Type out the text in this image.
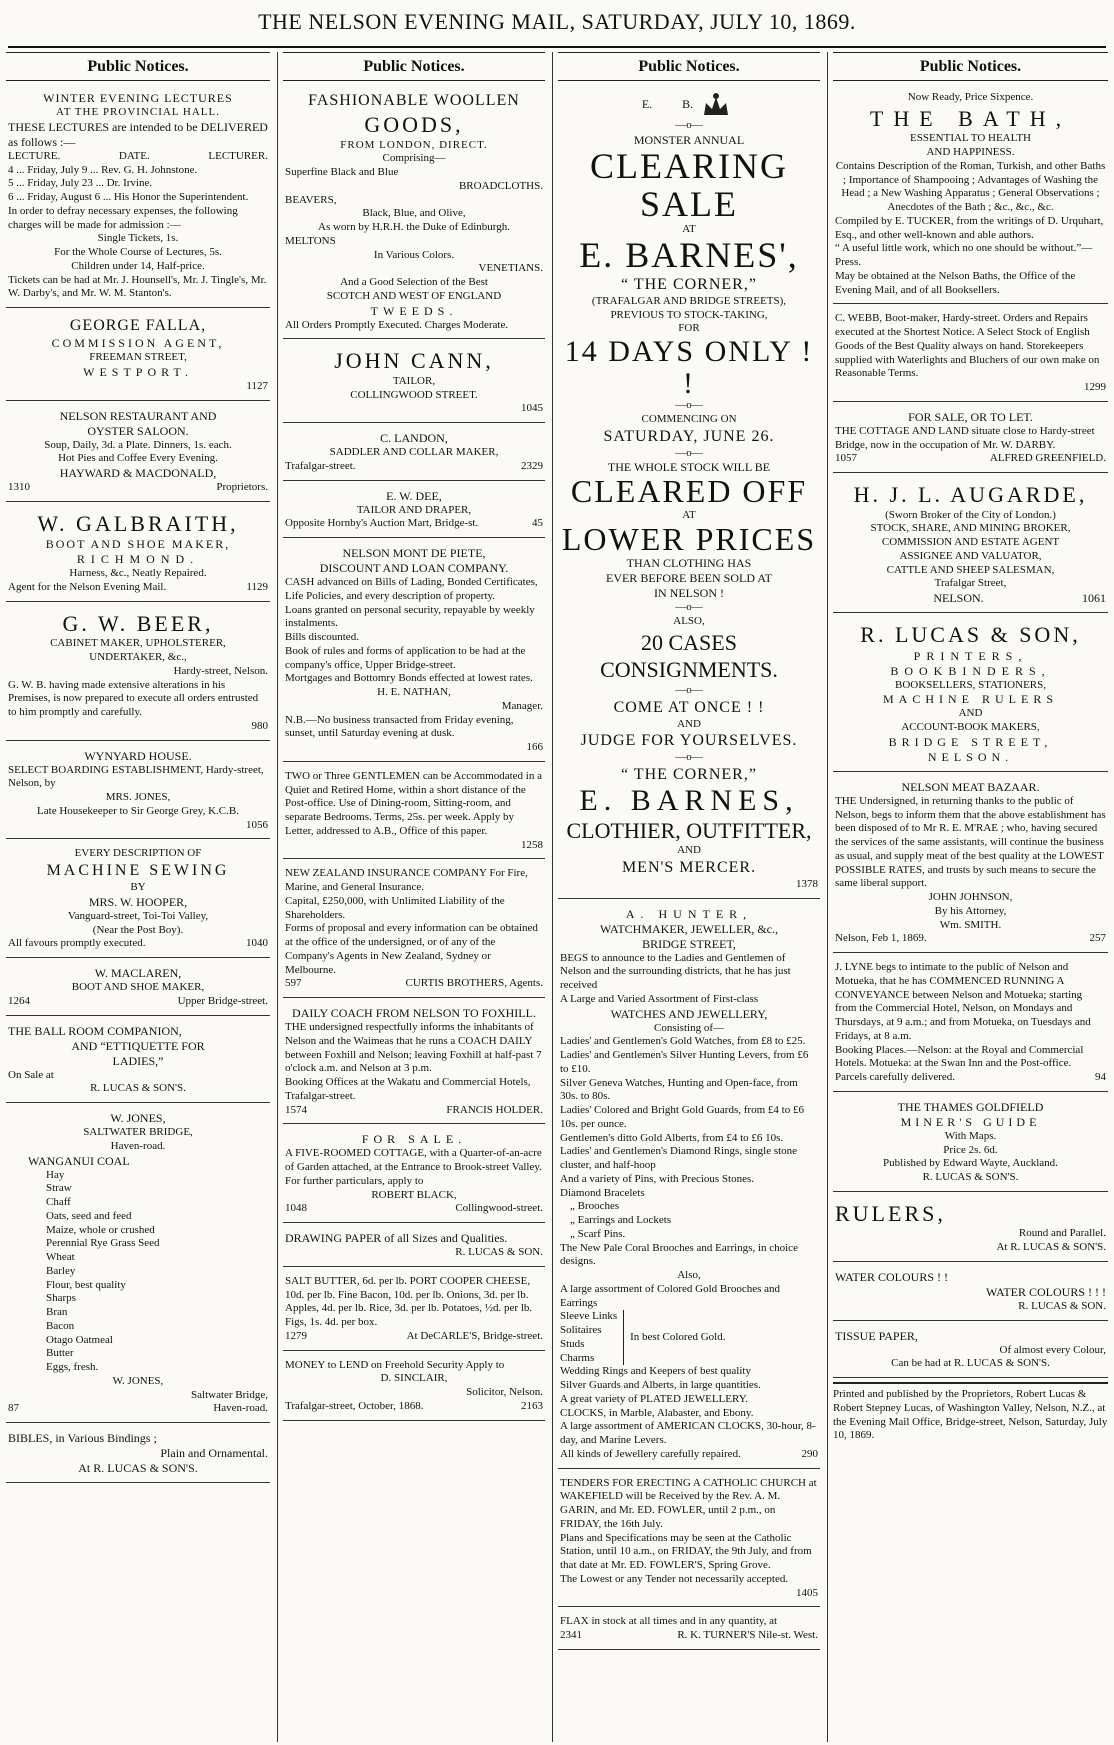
THE NELSON EVENING MAIL, SATURDAY, JULY 10, 1869.
Public Notices.
WINTER EVENING LECTURES
AT THE PROVINCIAL HALL.
THESE LECTURES are intended to be DELIVERED as follows :—
LECTURE.	DATE.	LECTURER.
4 ... Friday, July 9 ... Rev. G. H. Johnstone.
5 ... Friday, July 23 ... Dr. Irvine.
6 ... Friday, August 6 ... His Honor the Superintendent.
In order to defray necessary expenses, the following charges will be made for admission :—
Single Tickets, 1s.
For the Whole Course of Lectures, 5s.
Children under 14, Half-price.
Tickets can be had at Mr. J. Hounsell's, Mr. J. Tingle's, Mr. W. Darby's, and Mr. W. M. Stanton's.
GEORGE FALLA,
COMMISSION AGENT,
FREEMAN STREET,
WESTPORT.
1127
NELSON RESTAURANT AND
OYSTER SALOON.
Soup, Daily, 3d. a Plate. Dinners, 1s. each.
Hot Pies and Coffee Every Evening.
HAYWARD & MACDONALD,
1310	Proprietors.
W. GALBRAITH,
BOOT AND SHOE MAKER,
RICHMOND.
Harness, &c., Neatly Repaired.
Agent for the Nelson Evening Mail.	1129
G. W. BEER,
CABINET MAKER, UPHOLSTERER,
UNDERTAKER, &c.,
Hardy-street, Nelson.
G. W. B. having made extensive alterations in his Premises, is now prepared to execute all orders entrusted to him promptly and carefully.
980
WYNYARD HOUSE.
SELECT BOARDING ESTABLISHMENT, Hardy-street, Nelson, by
MRS. JONES,
Late Housekeeper to Sir George Grey, K.C.B.
1056
EVERY DESCRIPTION OF
MACHINE SEWING
BY
MRS. W. HOOPER,
Vanguard-street, Toi-Toi Valley,
(Near the Post Boy).
All favours promptly executed.	1040
W. MACLAREN,
BOOT AND SHOE MAKER,
1264	Upper Bridge-street.
THE BALL ROOM COMPANION,
AND “ETTIQUETTE FOR
LADIES,”
On Sale at
R. LUCAS & SON'S.
W. JONES,
SALTWATER BRIDGE,
Haven-road.
WANGANUI COAL
Hay
Straw
Chaff
Oats, seed and feed
Maize, whole or crushed
Perennial Rye Grass Seed
Wheat
Barley
Flour, best quality
Sharps
Bran
Bacon
Otago Oatmeal
Butter
Eggs, fresh.
W. JONES,
Saltwater Bridge,
87	Haven-road.
BIBLES, in Various Bindings ;
Plain and Ornamental.
At R. LUCAS & SON'S.
Public Notices.
FASHIONABLE WOOLLEN
GOODS,
FROM LONDON, DIRECT.
Comprising—
Superfine Black and Blue
BROADCLOTHS.
BEAVERS,
Black, Blue, and Olive,
As worn by H.R.H. the Duke of Edinburgh.
MELTONS
In Various Colors.
VENETIANS.
And a Good Selection of the Best
SCOTCH AND WEST OF ENGLAND
TWEEDS.
All Orders Promptly Executed. Charges Moderate.
JOHN CANN,
TAILOR,
COLLINGWOOD STREET.
1045
C. LANDON,
SADDLER AND COLLAR MAKER,
Trafalgar-street.	2329
E. W. DEE,
TAILOR AND DRAPER,
Opposite Hornby's Auction Mart, Bridge-st.	45
NELSON MONT DE PIETE,
DISCOUNT AND LOAN COMPANY.
CASH advanced on Bills of Lading, Bonded Certificates, Life Policies, and every description of property.
Loans granted on personal security, repayable by weekly instalments.
Bills discounted.
Book of rules and forms of application to be had at the company's office, Upper Bridge-street.
Mortgages and Bottomry Bonds effected at lowest rates.
H. E. NATHAN,
Manager.
N.B.—No business transacted from Friday evening, sunset, until Saturday evening at dusk.
166
TWO or Three GENTLEMEN can be Accommodated in a Quiet and Retired Home, within a short distance of the Post-office. Use of Dining-room, Sitting-room, and separate Bedrooms. Terms, 25s. per week. Apply by Letter, addressed to A.B., Office of this paper.
1258
NEW ZEALAND INSURANCE COMPANY For Fire, Marine, and General Insurance.
Capital, £250,000, with Unlimited Liability of the Shareholders.
Forms of proposal and every information can be obtained at the office of the undersigned, or of any of the Company's Agents in New Zealand, Sydney or Melbourne.
597	CURTIS BROTHERS, Agents.
DAILY COACH FROM NELSON TO FOXHILL.
THE undersigned respectfully informs the inhabitants of Nelson and the Waimeas that he runs a COACH DAILY between Foxhill and Nelson; leaving Foxhill at half-past 7 o'clock a.m. and Nelson at 3 p.m.
Booking Offices at the Wakatu and Commercial Hotels, Trafalgar-street.
1574	FRANCIS HOLDER.
FOR SALE.
A FIVE-ROOMED COTTAGE, with a Quarter-of-an-acre of Garden attached, at the Entrance to Brook-street Valley.
For further particulars, apply to
ROBERT BLACK,
1048	Collingwood-street.
DRAWING PAPER of all Sizes and Qualities.
R. LUCAS & SON.
SALT BUTTER, 6d. per lb. PORT COOPER CHEESE, 10d. per lb. Fine Bacon, 10d. per lb. Onions, 3d. per lb. Apples, 4d. per lb. Rice, 3d. per lb. Potatoes, ½d. per lb. Figs, 1s. 4d. per box.
1279	At DeCARLE'S, Bridge-street.
MONEY to LEND on Freehold Security Apply to
D. SINCLAIR,
Solicitor, Nelson.
Trafalgar-street, October, 1868.	2163
Public Notices.
E.          B.
—o—
MONSTER ANNUAL
CLEARING SALE
AT
E. BARNES',
“ THE CORNER,”
(TRAFALGAR AND BRIDGE STREETS),
PREVIOUS TO STOCK-TAKING,
FOR
14 DAYS ONLY ! !
—o—
COMMENCING ON
SATURDAY, JUNE 26.
—o—
THE WHOLE STOCK WILL BE
CLEARED OFF
AT
LOWER PRICES
THAN CLOTHING HAS
EVER BEFORE BEEN SOLD AT
IN NELSON !
—o—
ALSO,
20 CASES CONSIGNMENTS.
—o—
COME AT ONCE ! !
AND
JUDGE FOR YOURSELVES.
—o—
“ THE CORNER,”
E. BARNES,
CLOTHIER, OUTFITTER,
AND
MEN'S MERCER.
1378
A. HUNTER,
WATCHMAKER, JEWELLER, &c.,
BRIDGE STREET,
BEGS to announce to the Ladies and Gentlemen of Nelson and the surrounding districts, that he has just received
A Large and Varied Assortment of First-class
WATCHES AND JEWELLERY,
Consisting of—
Ladies' and Gentlemen's Gold Watches, from £8 to £25.
Ladies' and Gentlemen's Silver Hunting Levers, from £6 to £10.
Silver Geneva Watches, Hunting and Open-face, from 30s. to 80s.
Ladies' Colored and Bright Gold Guards, from £4 to £6 10s. per ounce.
Gentlemen's ditto Gold Alberts, from £4 to £6 10s.
Ladies' and Gentlemen's Diamond Rings, single stone cluster, and half-hoop
And a variety of Pins, with Precious Stones.
Diamond Bracelets
„ Brooches
„ Earrings and Lockets
„ Scarf Pins.
The New Pale Coral Brooches and Earrings, in choice designs.
Also,
A large assortment of Colored Gold Brooches and Earrings
Sleeve Links
Solitaires
Studs
Charms
In best Colored Gold.
Wedding Rings and Keepers of best quality
Silver Guards and Alberts, in large quantities.
A great variety of PLATED JEWELLERY.
CLOCKS, in Marble, Alabaster, and Ebony.
A large assortment of AMERICAN CLOCKS, 30-hour, 8-day, and Marine Levers.
All kinds of Jewellery carefully repaired.	290
TENDERS FOR ERECTING A CATHOLIC CHURCH at WAKEFIELD will be Received by the Rev. A. M. GARIN, and Mr. ED. FOWLER, until 2 p.m., on FRIDAY, the 16th July.
Plans and Specifications may be seen at the Catholic Station, until 10 a.m., on FRIDAY, the 9th July, and from that date at Mr. ED. FOWLER'S, Spring Grove.
The Lowest or any Tender not necessarily accepted.
1405
FLAX in stock at all times and in any quantity, at
2341	R. K. TURNER'S Nile-st. West.
Public Notices.
Now Ready, Price Sixpence.
THE BATH,
ESSENTIAL TO HEALTH
AND HAPPINESS.
Contains Description of the Roman, Turkish, and other Baths ; Importance of Shampooing ; Advantages of Washing the Head ; a New Washing Apparatus ; General Observations ; Anecdotes of the Bath ; &c., &c., &c.
Compiled by E. TUCKER, from the writings of D. Urquhart, Esq., and other well-known and able authors.
“ A useful little work, which no one should be without.”—Press.
May be obtained at the Nelson Baths, the Office of the Evening Mail, and of all Booksellers.
C. WEBB, Boot-maker, Hardy-street. Orders and Repairs executed at the Shortest Notice. A Select Stock of English Goods of the Best Quality always on hand. Storekeepers supplied with Waterlights and Bluchers of our own make on Reasonable Terms.
1299
FOR SALE, OR TO LET.
THE COTTAGE AND LAND situate close to Hardy-street Bridge, now in the occupation of Mr. W. DARBY.
1057	ALFRED GREENFIELD.
H. J. L. AUGARDE,
(Sworn Broker of the City of London.)
STOCK, SHARE, AND MINING BROKER,
COMMISSION AND ESTATE AGENT
ASSIGNEE AND VALUATOR,
CATTLE AND SHEEP SALESMAN,
Trafalgar Street,
NELSON.	1061
R. LUCAS & SON,
PRINTERS,
BOOKBINDERS,
BOOKSELLERS, STATIONERS,
MACHINE RULERS
AND
ACCOUNT-BOOK MAKERS,
BRIDGE STREET,
NELSON.
NELSON MEAT BAZAAR.
THE Undersigned, in returning thanks to the public of Nelson, begs to inform them that the above establishment has been disposed of to Mr R. E. M'RAE ; who, having secured the services of the same assistants, will continue the business as usual, and supply meat of the best quality at the LOWEST POSSIBLE RATES, and trusts by such means to secure the same liberal support.
JOHN JOHNSON,
By his Attorney,
Wm. SMITH.
Nelson, Feb 1, 1869.	257
J. LYNE begs to intimate to the public of Nelson and Motueka, that he has COMMENCED RUNNING A CONVEYANCE between Nelson and Motueka; starting from the Commercial Hotel, Nelson, on Mondays and Thursdays, at 9 a.m.; and from Motueka, on Tuesdays and Fridays, at 8 a.m.
Booking Places.—Nelson: at the Royal and Commercial Hotels. Motueka: at the Swan Inn and the Post-office.
Parcels carefully delivered.	94
THE THAMES GOLDFIELD
MINER'S GUIDE
With Maps.
Price 2s. 6d.
Published by Edward Wayte, Auckland.
R. LUCAS & SON'S.
RULERS,
Round and Parallel.
At R. LUCAS & SON'S.
WATER COLOURS ! !
WATER COLOURS ! ! !
R. LUCAS & SON.
TISSUE PAPER,
Of almost every Colour,
Can be had at R. LUCAS & SON'S.
Printed and published by the Proprietors, Robert Lucas & Robert Stepney Lucas, of Washington Valley, Nelson, N.Z., at the Evening Mail Office, Bridge-street, Nelson, Saturday, July 10, 1869.
